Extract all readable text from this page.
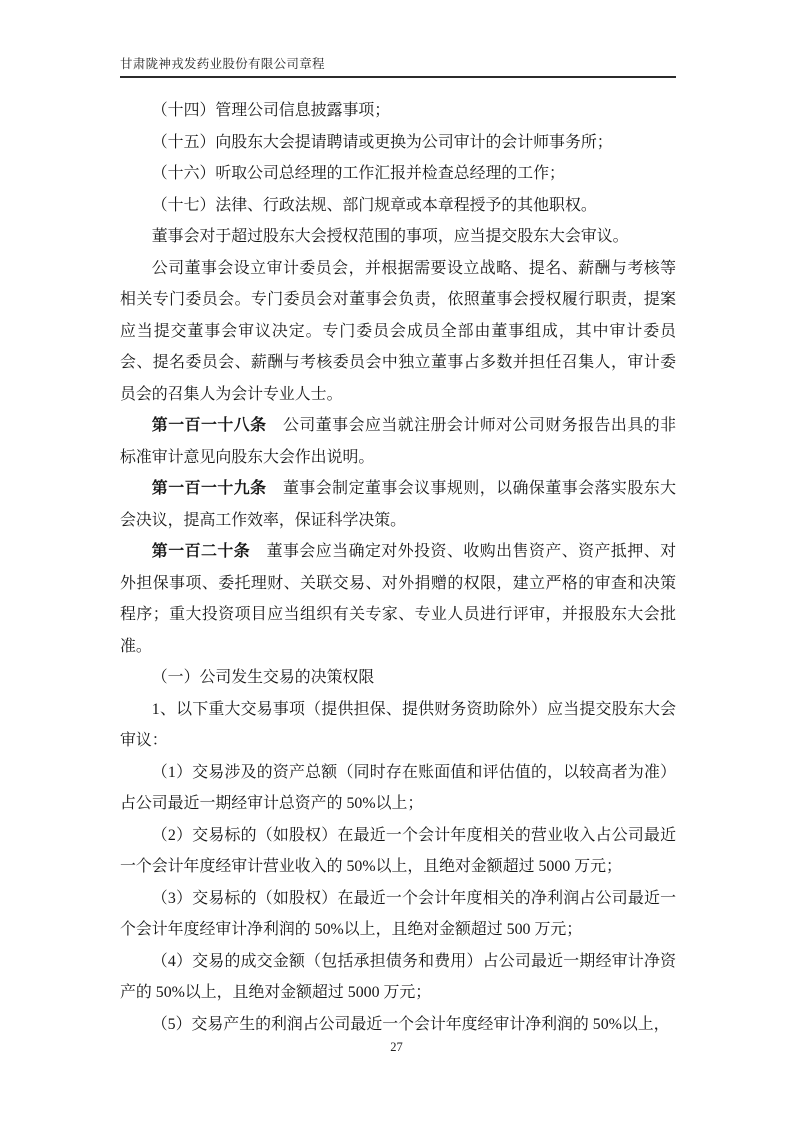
甘肃陇神戎发药业股份有限公司章程

（十四）管理公司信息披露事项；

（十五）向股东大会提请聘请或更换为公司审计的会计师事务所；

（十六）听取公司总经理的工作汇报并检查总经理的工作；

（十七）法律、行政法规、部门规章或本章程授予的其他职权。

董事会对于超过股东大会授权范围的事项，应当提交股东大会审议。

公司董事会设立审计委员会，并根据需要设立战略、提名、薪酬与考核等相关专门委员会。专门委员会对董事会负责，依照董事会授权履行职责，提案应当提交董事会审议决定。专门委员会成员全部由董事组成，其中审计委员会、提名委员会、薪酬与考核委员会中独立董事占多数并担任召集人，审计委员会的召集人为会计专业人士。

第一百一十八条　公司董事会应当就注册会计师对公司财务报告出具的非标准审计意见向股东大会作出说明。

第一百一十九条　董事会制定董事会议事规则，以确保董事会落实股东大会决议，提高工作效率，保证科学决策。

第一百二十条　董事会应当确定对外投资、收购出售资产、资产抵押、对外担保事项、委托理财、关联交易、对外捐赠的权限，建立严格的审查和决策程序；重大投资项目应当组织有关专家、专业人员进行评审，并报股东大会批准。

（一）公司发生交易的决策权限

1、以下重大交易事项（提供担保、提供财务资助除外）应当提交股东大会审议：

（1）交易涉及的资产总额（同时存在账面值和评估值的，以较高者为准）占公司最近一期经审计总资产的 50%以上；

（2）交易标的（如股权）在最近一个会计年度相关的营业收入占公司最近一个会计年度经审计营业收入的 50%以上，且绝对金额超过 5000 万元；

（3）交易标的（如股权）在最近一个会计年度相关的净利润占公司最近一个会计年度经审计净利润的 50%以上，且绝对金额超过 500 万元；

（4）交易的成交金额（包括承担债务和费用）占公司最近一期经审计净资产的 50%以上，且绝对金额超过 5000 万元；

（5）交易产生的利润占公司最近一个会计年度经审计净利润的 50%以上，

27
